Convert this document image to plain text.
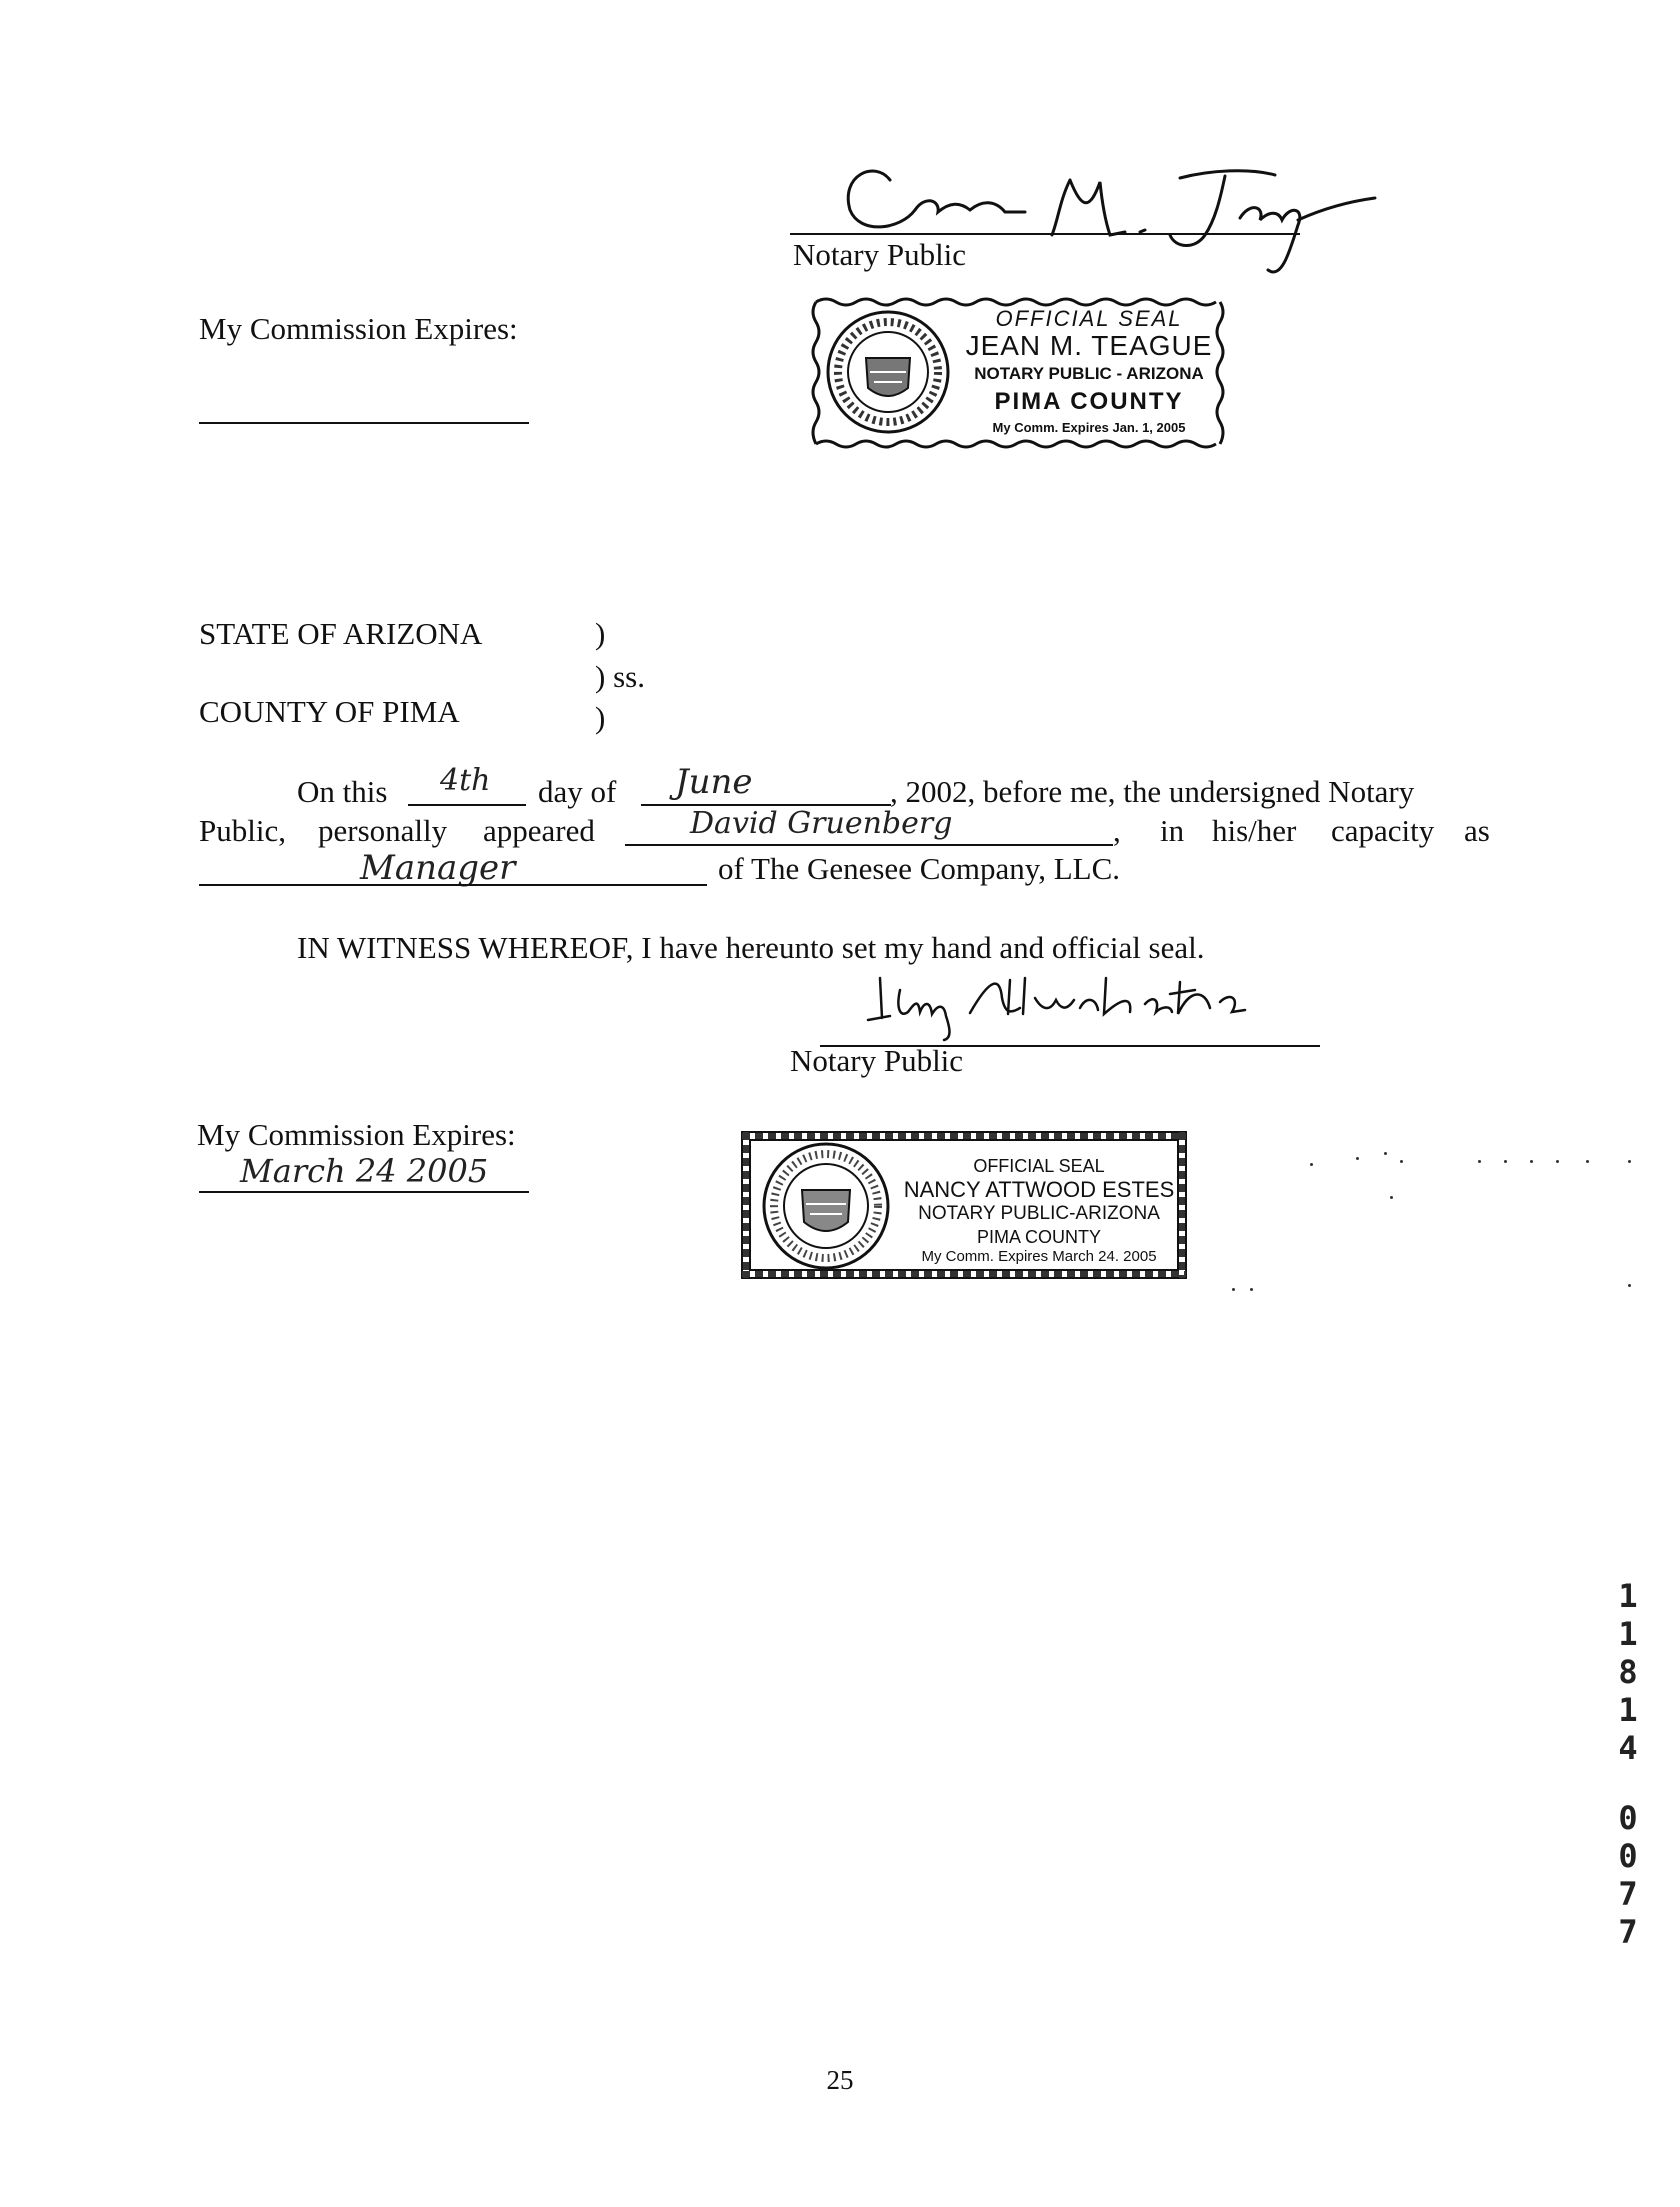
Notary Public
My Commission Expires:	OFFICIAL SEAL
JEAN M. TEAGUE
NOTARY PUBLIC - ARIZONA
PIMA COUNTY
My Comm. Expires Jan. 1, 2005
STATE OF ARIZONA	)
) ss.
COUNTY OF PIMA	)
On this 4th day of June	, 2002, before me, the undersigned Notary
Public, personally appeared	David Gruenberg	, in his/her capacity as
Manager	of The Genesee Company, LLC.
IN WITNESS WHEREOF, I have hereunto set my hand and official seal.
Notary Public
My Commission Expires:
March 24 2005	OFFICIAL SEAL
NANCY ATTWOOD ESTES
NOTARY PUBLIC-ARIZONA
PIMA COUNTY
My Comm. Expires March 24. 2005
1
1
8
1
4
0
0
7
7
25
